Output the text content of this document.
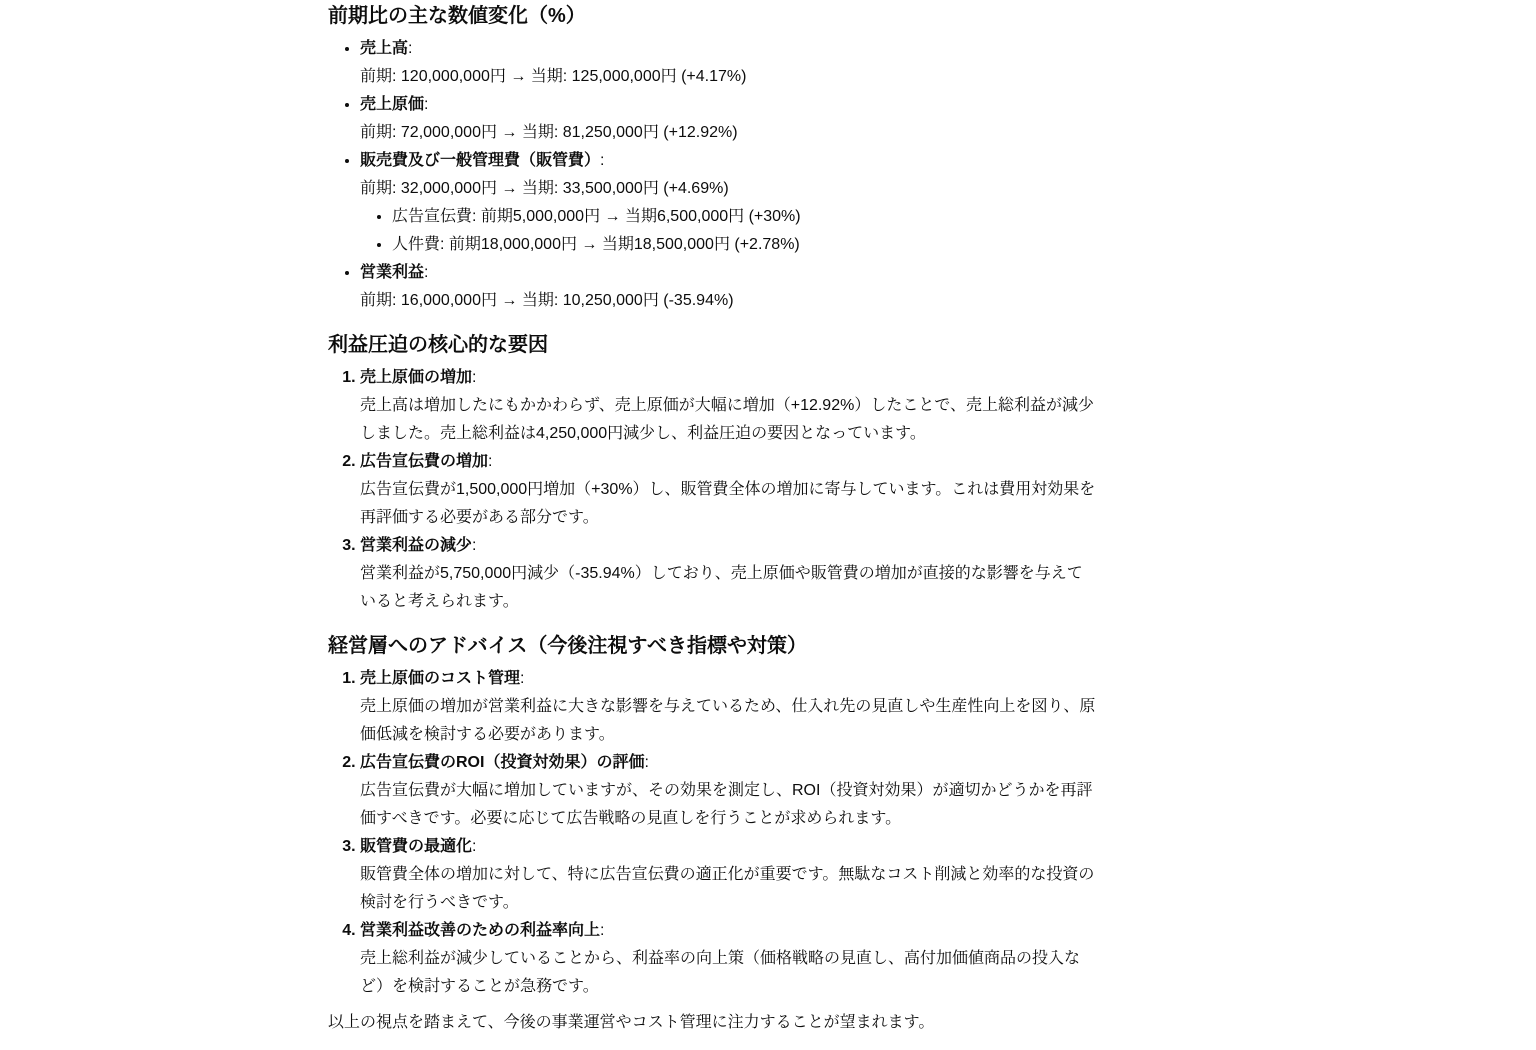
前期比の主な数値変化（%）
• 売上高:
前期: 120,000,000円 → 当期: 125,000,000円 (+4.17%)
• 売上原価:
前期: 72,000,000円 → 当期: 81,250,000円 (+12.92%)
• 販売費及び一般管理費（販管費）:
前期: 32,000,000円 → 当期: 33,500,000円 (+4.69%)
• 広告宣伝費: 前期5,000,000円 → 当期6,500,000円 (+30%)
• 人件費: 前期18,000,000円 → 当期18,500,000円 (+2.78%)
• 営業利益:
前期: 16,000,000円 → 当期: 10,250,000円 (-35.94%)
利益圧迫の核心的な要因
1. 売上原価の増加:
売上高は増加したにもかかわらず、売上原価が大幅に増加（+12.92%）したことで、売上総利益が減少しました。売上総利益は4,250,000円減少し、利益圧迫の要因となっています。
2. 広告宣伝費の増加:
広告宣伝費が1,500,000円増加（+30%）し、販管費全体の増加に寄与しています。これは費用対効果を再評価する必要がある部分です。
3. 営業利益の減少:
営業利益が5,750,000円減少（-35.94%）しており、売上原価や販管費の増加が直接的な影響を与えていると考えられます。
経営層へのアドバイス（今後注視すべき指標や対策）
1. 売上原価のコスト管理:
売上原価の増加が営業利益に大きな影響を与えているため、仕入れ先の見直しや生産性向上を図り、原価低減を検討する必要があります。
2. 広告宣伝費のROI（投資対効果）の評価:
広告宣伝費が大幅に増加していますが、その効果を測定し、ROI（投資対効果）が適切かどうかを再評価すべきです。必要に応じて広告戦略の見直しを行うことが求められます。
3. 販管費の最適化:
販管費全体の増加に対して、特に広告宣伝費の適正化が重要です。無駄なコスト削減と効率的な投資の検討を行うべきです。
4. 営業利益改善のための利益率向上:
売上総利益が減少していることから、利益率の向上策（価格戦略の見直し、高付加価値商品の投入など）を検討することが急務です。

以上の視点を踏まえて、今後の事業運営やコスト管理に注力することが望まれます。
